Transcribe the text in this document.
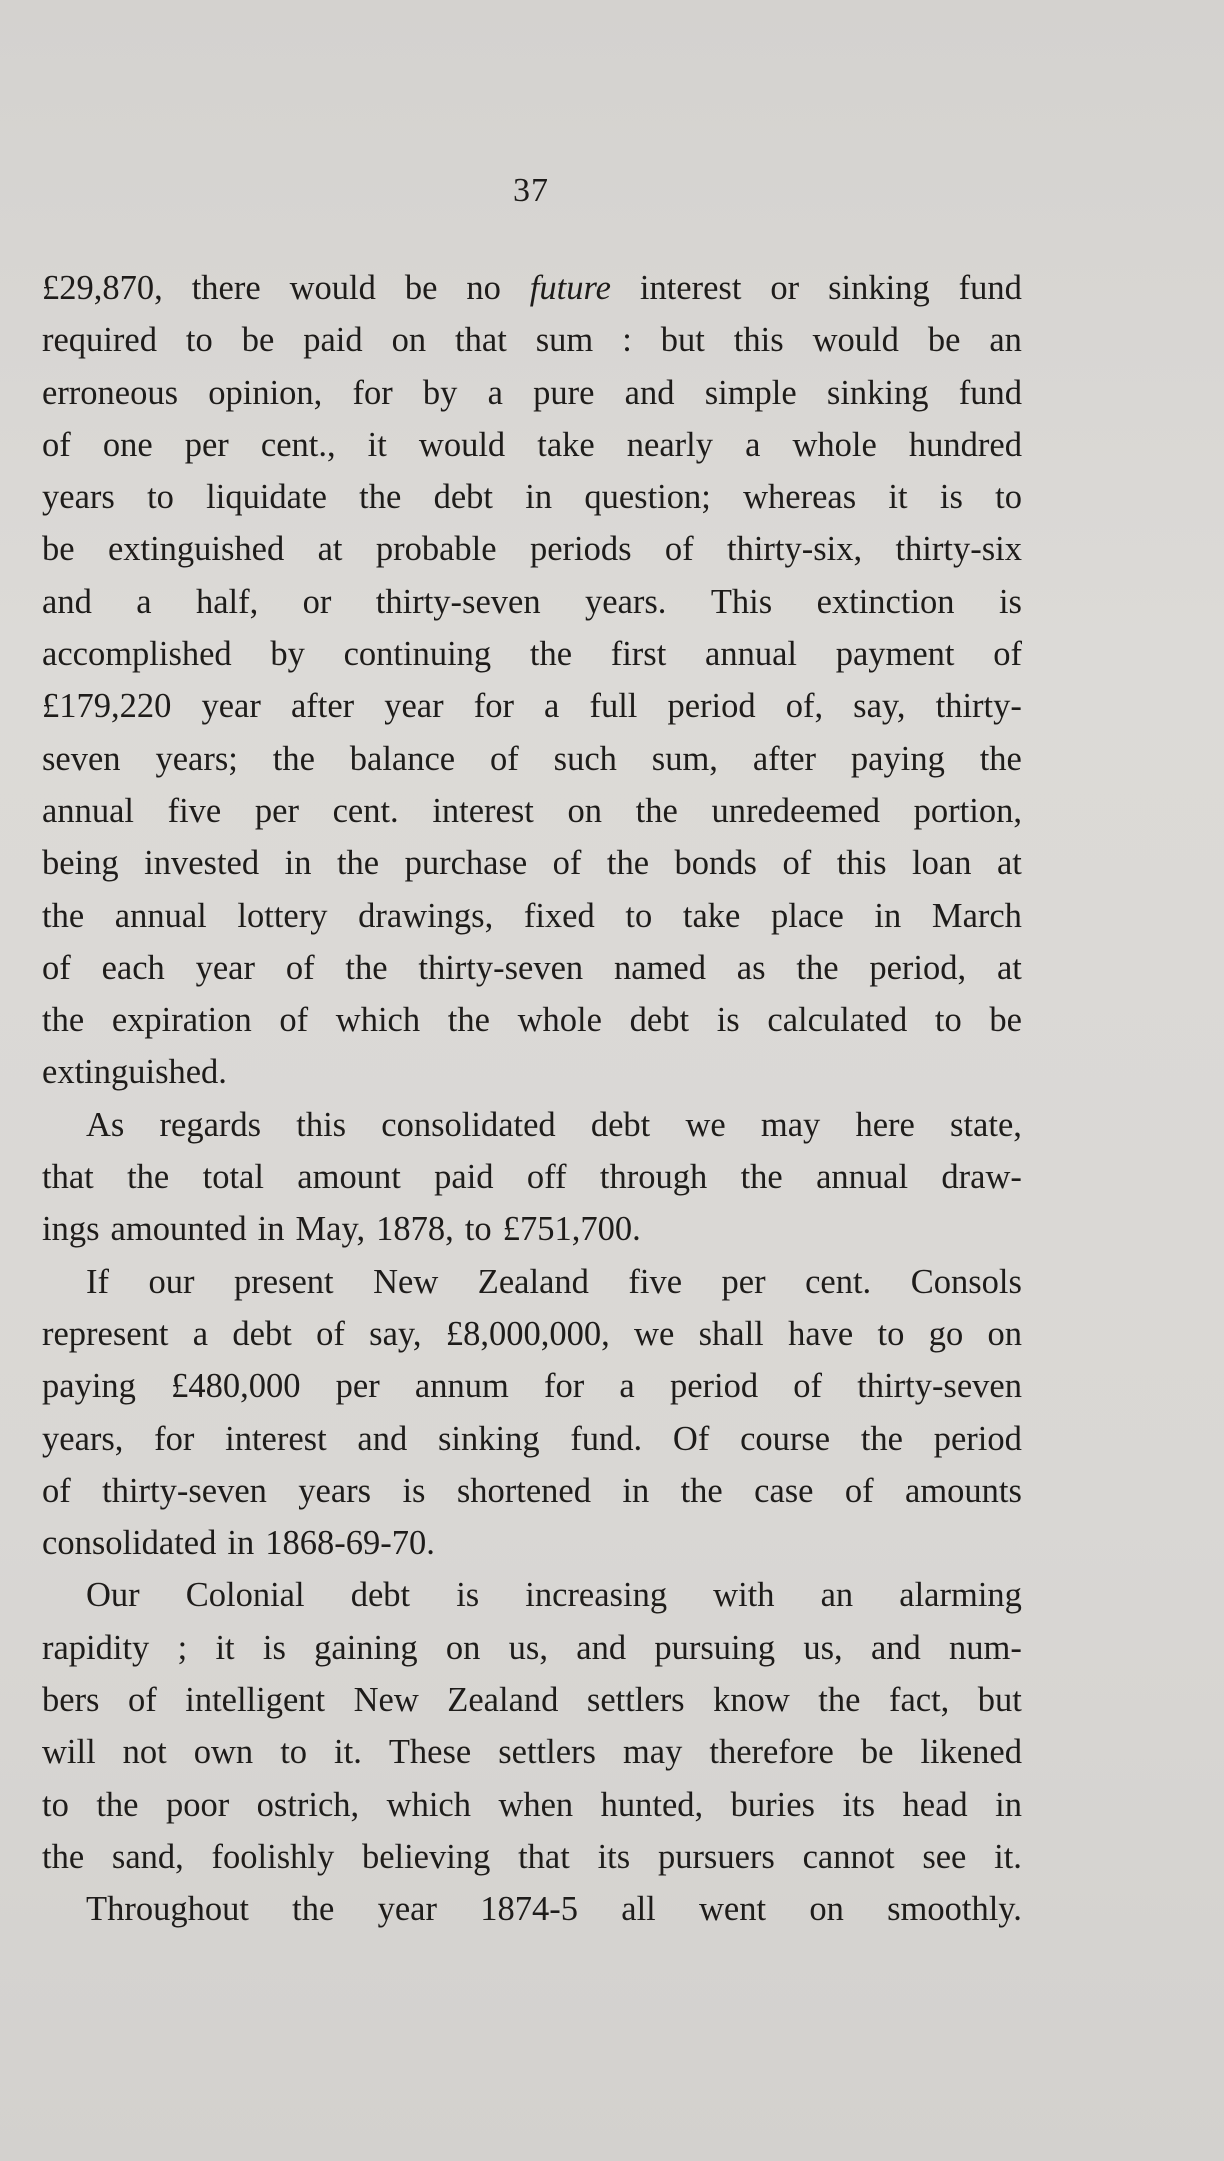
37
£29,870, there would be no future interest or sinking fund
required to be paid on that sum : but this would be an
erroneous opinion, for by a pure and simple sinking fund
of one per cent., it would take nearly a whole hundred
years to liquidate the debt in question; whereas it is to
be extinguished at probable periods of thirty-six, thirty-six
and a half, or thirty-seven years. This extinction is
accomplished by continuing the first annual payment of
£179,220 year after year for a full period of, say, thirty-
seven years; the balance of such sum, after paying the
annual five per cent. interest on the unredeemed portion,
being invested in the purchase of the bonds of this loan at
the annual lottery drawings, fixed to take place in March
of each year of the thirty-seven named as the period, at
the expiration of which the whole debt is calculated to be
extinguished.
As regards this consolidated debt we may here state,
that the total amount paid off through the annual draw-
ings amounted in May, 1878, to £751,700.
If our present New Zealand five per cent. Consols
represent a debt of say, £8,000,000, we shall have to go on
paying £480,000 per annum for a period of thirty-seven
years, for interest and sinking fund. Of course the period
of thirty-seven years is shortened in the case of amounts
consolidated in 1868-69-70.
Our Colonial debt is increasing with an alarming
rapidity ; it is gaining on us, and pursuing us, and num-
bers of intelligent New Zealand settlers know the fact, but
will not own to it. These settlers may therefore be likened
to the poor ostrich, which when hunted, buries its head in
the sand, foolishly believing that its pursuers cannot see it.
Throughout the year 1874-5 all went on smoothly.
